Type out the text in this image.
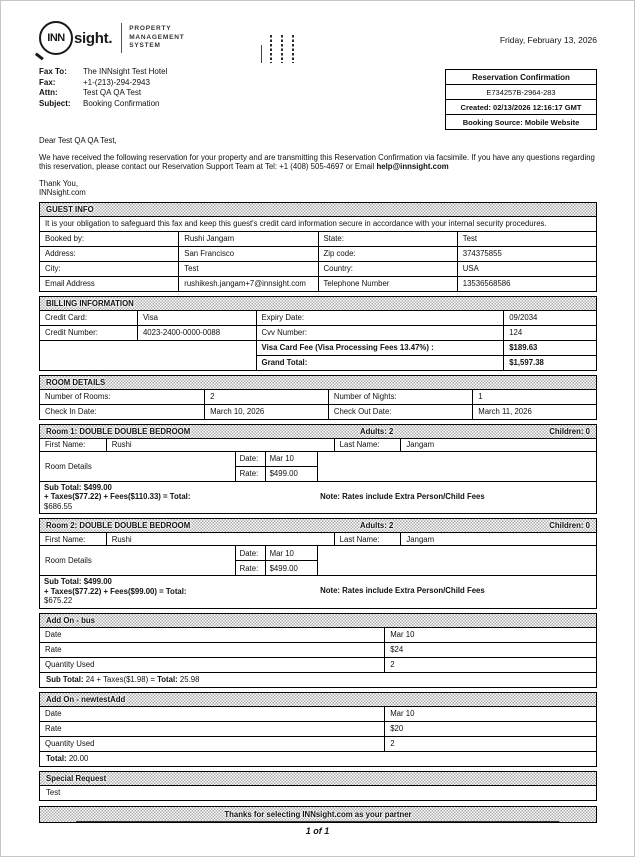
INN sight.
PROPERTY
MANAGEMENT
SYSTEM
Friday, February 13, 2026
Fax To:	The INNsight Test Hotel
Fax:	+1-(213)-294-2943
Attn:	Test QA QA Test
Subject:	Booking Confirmation
Reservation Confirmation
E734257B-2964-283
Created: 02/13/2026 12:16:17 GMT
Booking Source: Mobile Website

Dear Test QA QA Test,

We have received the following reservation for your property and are transmitting this Reservation Confirmation via facsimile. If you have any questions regarding this reservation, please contact our Reservation Support Team at Tel: +1 (408) 505-4697 or Email help@innsight.com

Thank You,

INNsight.com

GUEST INFO
It is your obligation to safeguard this fax and keep this guest's credit card information secure in accordance with your internal security procedures.			
Booked by:	Rushi Jangam	State:	Test
Address:	San Francisco	Zip code:	374375855
City:	Test	Country:	USA
Email Address	rushikesh.jangam+7@innsight.com	Telephone Number	13536568586
BILLING INFORMATION
Credit Card:	Visa	Expiry Date:	09/2034
Credit Number:	4023-2400-0000-0088	Cvv Number:	124
		Visa Card Fee (Visa Processing Fees 13.47%) :	$189.63
		Grand Total:	$1,597.38
ROOM DETAILS
Number of Rooms:	2	Number of Nights:	1
Check In Date:	March 10, 2026	Check Out Date:	March 11, 2026
Room 1: DOUBLE DOUBLE BEDROOM	Adults: 2	Children: 0
First Name:	Rushi	Last Name:	Jangam
Room Details
Date:	Mar 10
Rate:	$499.00
Sub Total: $499.00
+ Taxes($77.22) + Fees($110.33) = Total:
$686.55
Note: Rates include Extra Person/Child Fees
Room 2: DOUBLE DOUBLE BEDROOM	Adults: 2	Children: 0
First Name:	Rushi	Last Name:	Jangam
Room Details
Date:	Mar 10
Rate:	$499.00
Sub Total: $499.00
+ Taxes($77.22) + Fees($99.00) = Total:
$675.22
Note: Rates include Extra Person/Child Fees
Add On - bus
Date	Mar 10
Rate	$24
Quantity Used	2
Sub Total: 24 + Taxes($1.98) = Total: 25.98
Add On - newtestAdd
Date	Mar 10
Rate	$20
Quantity Used	2
Total: 20.00
Special Request
Test
Thanks for selecting INNsight.com as your partner
1 of 1
